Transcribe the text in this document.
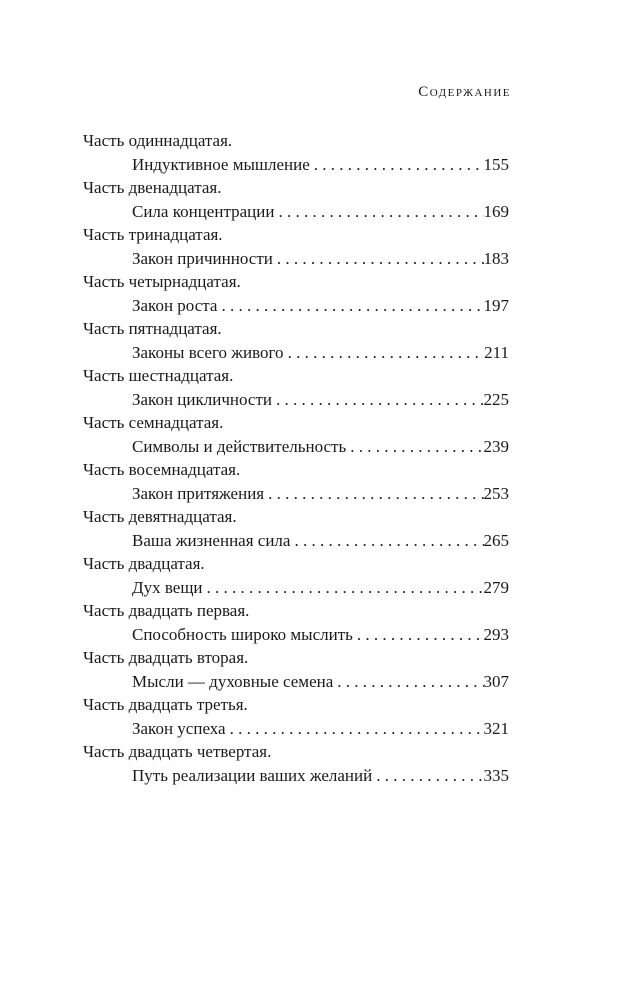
Содержание
Часть одиннадцатая.
Индуктивное мышление . . .	155
Часть двенадцатая.
Сила концентрации . . .	169
Часть тринадцатая.
Закон причинности . . .	183
Часть четырнадцатая.
Закон роста . . .	197
Часть пятнадцатая.
Законы всего живого . . .	211
Часть шестнадцатая.
Закон цикличности . . .	225
Часть семнадцатая.
Символы и действительность . . .	239
Часть восемнадцатая.
Закон притяжения . . .	253
Часть девятнадцатая.
Ваша жизненная сила . . .	265
Часть двадцатая.
Дух вещи . . .	279
Часть двадцать первая.
Способность широко мыслить . . .	293
Часть двадцать вторая.
Мысли — духовные семена . . .	307
Часть двадцать третья.
Закон успеха . . .	321
Часть двадцать четвертая.
Путь реализации ваших желаний . . .	335
